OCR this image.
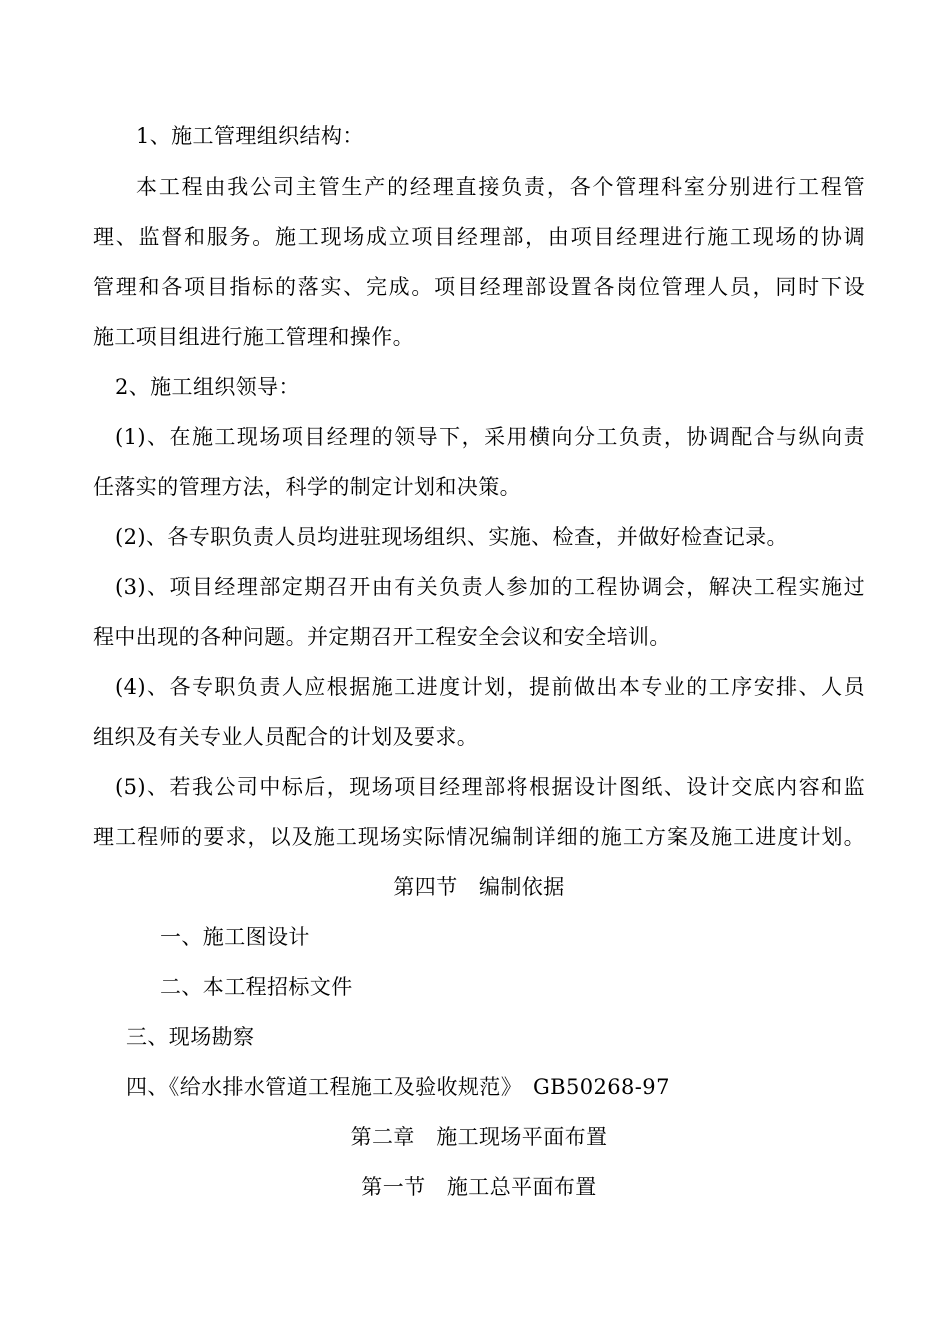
1、施工管理组织结构：
本工程由我公司主管生产的经理直接负责，各个管理科室分别进行工程管
理、监督和服务。施工现场成立项目经理部，由项目经理进行施工现场的协调
管理和各项目指标的落实、完成。项目经理部设置各岗位管理人员，同时下设
施工项目组进行施工管理和操作。
2、施工组织领导：
(1)、在施工现场项目经理的领导下，采用横向分工负责，协调配合与纵向责
任落实的管理方法，科学的制定计划和决策。
(2)、各专职负责人员均进驻现场组织、实施、检查，并做好检查记录。
(3)、项目经理部定期召开由有关负责人参加的工程协调会，解决工程实施过
程中出现的各种问题。并定期召开工程安全会议和安全培训。
(4)、各专职负责人应根据施工进度计划，提前做出本专业的工序安排、人员
组织及有关专业人员配合的计划及要求。
(5)、若我公司中标后，现场项目经理部将根据设计图纸、设计交底内容和监
理工程师的要求，以及施工现场实际情况编制详细的施工方案及施工进度计划。
第四节　编制依据
一、施工图设计
二、本工程招标文件
三、现场勘察
四、《给水排水管道工程施工及验收规范》　GB50268-97
第二章　施工现场平面布置
第一节　施工总平面布置
